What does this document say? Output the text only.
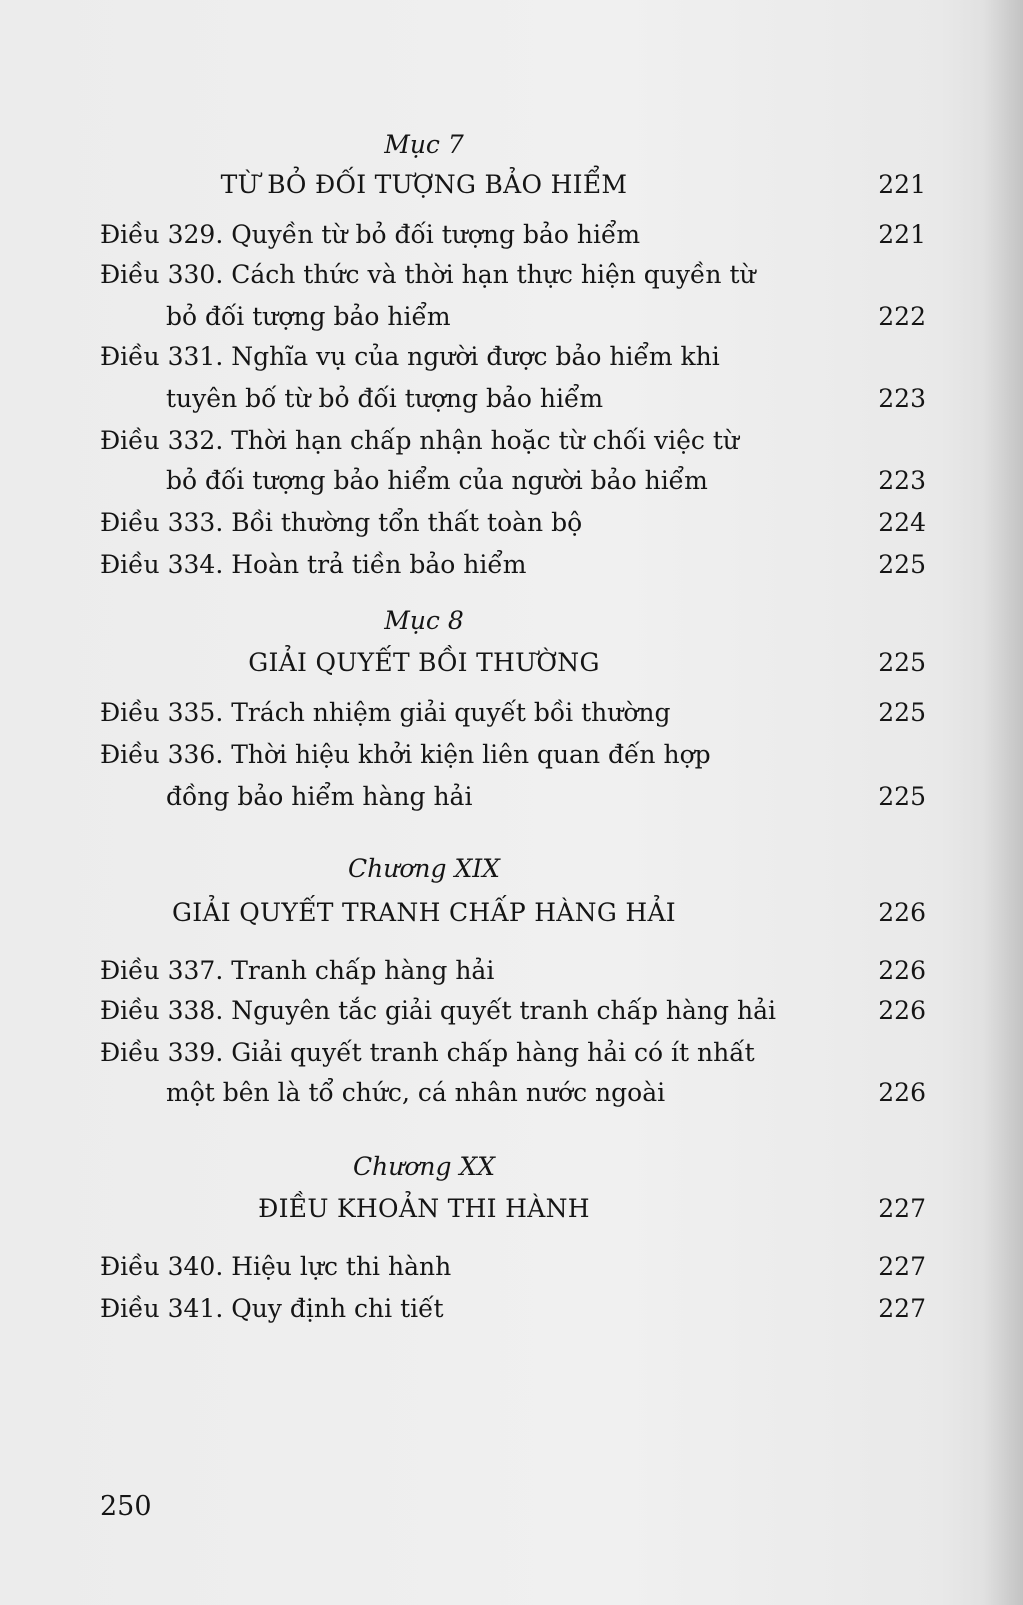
Mục 7
TỪ BỎ ĐỐI TƯỢNG BẢO HIỂM	221
Điều 329. Quyền từ bỏ đối tượng bảo hiểm	221
Điều 330. Cách thức và thời hạn thực hiện quyền từ
bỏ đối tượng bảo hiểm	222
Điều 331. Nghĩa vụ của người được bảo hiểm khi
tuyên bố từ bỏ đối tượng bảo hiểm	223
Điều 332. Thời hạn chấp nhận hoặc từ chối việc từ
bỏ đối tượng bảo hiểm của người bảo hiểm	223
Điều 333. Bồi thường tổn thất toàn bộ	224
Điều 334. Hoàn trả tiền bảo hiểm	225
Mục 8
GIẢI QUYẾT BỒI THƯỜNG	225
Điều 335. Trách nhiệm giải quyết bồi thường	225
Điều 336. Thời hiệu khởi kiện liên quan đến hợp
đồng bảo hiểm hàng hải	225
Chương XIX
GIẢI QUYẾT TRANH CHẤP HÀNG HẢI	226
Điều 337. Tranh chấp hàng hải	226
Điều 338. Nguyên tắc giải quyết tranh chấp hàng hải	226
Điều 339. Giải quyết tranh chấp hàng hải có ít nhất
một bên là tổ chức, cá nhân nước ngoài	226
Chương XX
ĐIỀU KHOẢN THI HÀNH	227
Điều 340. Hiệu lực thi hành	227
Điều 341. Quy định chi tiết	227
250
